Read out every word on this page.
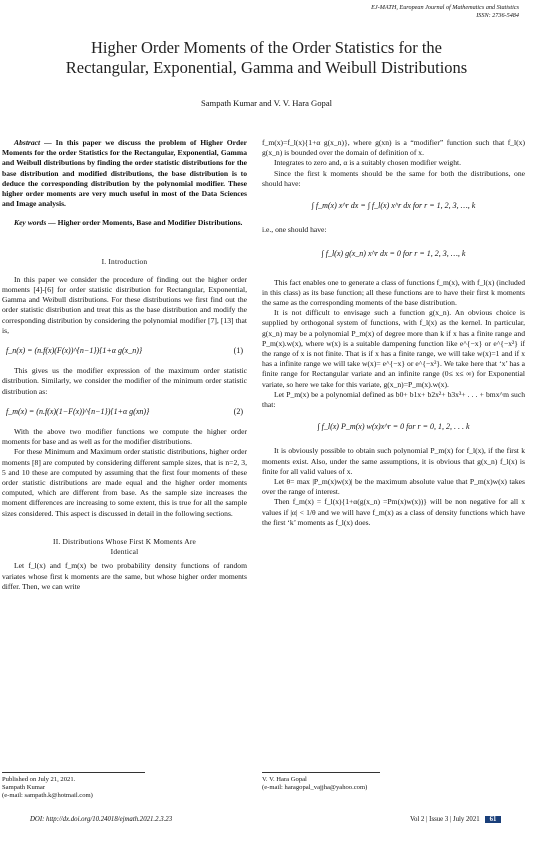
EJ-MATH, European Journal of Mathematics and Statistics
ISSN: 2736-5484
Higher Order Moments of the Order Statistics for the
Rectangular, Exponential, Gamma and Weibull Distributions
Sampath Kumar and V. V. Hara Gopal

Abstract — In this paper we discuss the problem of Higher Order Moments for the order Statistics for the Rectangular, Exponential, Gamma and Weibull distributions by finding the order statistic distributions for the base distribution and modified distributions, the base distribution is to deduce the corresponding distribution by the polynomial modifier. These higher order moments are very much useful in most of the Data Sciences and Image analysis.

Key words — Higher order Moments, Base and Modifier Distributions.

I. Introduction

In this paper we consider the procedure of finding out the higher order moments [4]-[6] for order statistic distribution for Rectangular, Exponential, Gamma and Weibull distributions. For these distributions we first find out the order statistic distribution and treat this as the base distribution and modify the corresponding distribution by considering the polynomial modifier [7], [13] that is,

f_n(x) = (n.f(x)(F(x))^{n−1}){1+α g(x_n)}	(1)

This gives us the modifier expression of the maximum order statistic distribution. Similarly, we consider the modifier of the minimum order statistic distribution as:

f_m(x) = (n.f(x)(1−F(x))^{n−1}){1+α g(xn)}	(2)

With the above two modifier functions we compute the higher order moments for base and as well as for the modifier distributions.

For these Minimum and Maximum order statistic distributions, higher order moments [8] are computed by considering different sample sizes, that is n=2, 3, 5 and 10 these are computed by assuming that the first four moments of these order statistic distributions are made equal and the higher order moments computed, which are different from base. As the sample size increases the moment differences are increasing to some extent, this is true for all the sample sizes considered. This aspect is discussed in detail in the following sections.

II. Distributions Whose First K Moments Are

Identical

Let f_l(x) and f_m(x) be two probability density functions of random variates whose first k moments are the same, but whose higher order moments differ. Then, we can write

Published on July 21, 2021.
Sampath Kumar
(e-mail: sampath.k@hotmail.com)

f_m(x)=f_l(x){1+α g(x_n)}, where g(xn) is a “modifier” function such that f_l(x) g(x_n) is bounded over the domain of definition of x.

Integrates to zero and, α is a suitably chosen modifier weight.

Since the first k moments should be the same for both the distributions, one should have:

∫ f_m(x) x^r dx = ∫ f_l(x) x^r dx for r = 1, 2, 3, …, k

i.e., one should have:

∫ f_l(x) g(x_n) x^r dx = 0 for r = 1, 2, 3, …, k

This fact enables one to generate a class of functions f_m(x), with f_l(x) (included in this class) as its base function; all these functions are to have their first k moments the same as the corresponding moments of the base distribution.

It is not difficult to envisage such a function g(x_n). An obvious choice is supplied by orthogonal system of functions, with f_l(x) as the kernel. In particular, g(x_n) may be a polynomial P_m(x) of degree more than k if x has a finite range and P_m(x).w(x), where w(x) is a suitable dampening function like e^{−x} or e^{−x²} if the range of x is not finite. That is if x has a finite range, we will take w(x)=1 and if x has a infinite range we will take w(x)= e^{−x} or e^{−x²}. We take here that ‘x’ has a finite range for Rectangular variate and an infinite range (0≤ x≤ ∞) for Exponential variate, so here we take for this variate, g(x_n)=P_m(x).w(x).

Let P_m(x) be a polynomial defined as b0+ b1x+ b2x²+ b3x³+ . . . + bmx^m such that:

∫ f_l(x) P_m(x) w(x)x^r = 0 for r = 0, 1, 2, . . . k

It is obviously possible to obtain such polynomial P_m(x) for f_l(x), if the first k moments exist. Also, under the same assumptions, it is obvious that g(x_n) f_l(x) is finite for all valid values of x.

Let θ= max |P_m(x)w(x)| be the maximum absolute value that P_m(x)w(x) takes over the range of interest.

Then f_m(x) = f_l(x){1+α(g(x_n) =Pm(x)w(x))} will be non negative for all x values if |α| < 1/θ and we will have f_m(x) as a class of density functions which have the first ‘k’ moments as f_l(x) does.

V. V. Hara Gopal
(e-mail: haragopal_vajjha@yahoo.com)
DOI: http://dx.doi.org/10.24018/ejmath.2021.2.3.23	Vol 2 | Issue 3 | July 2021 61
